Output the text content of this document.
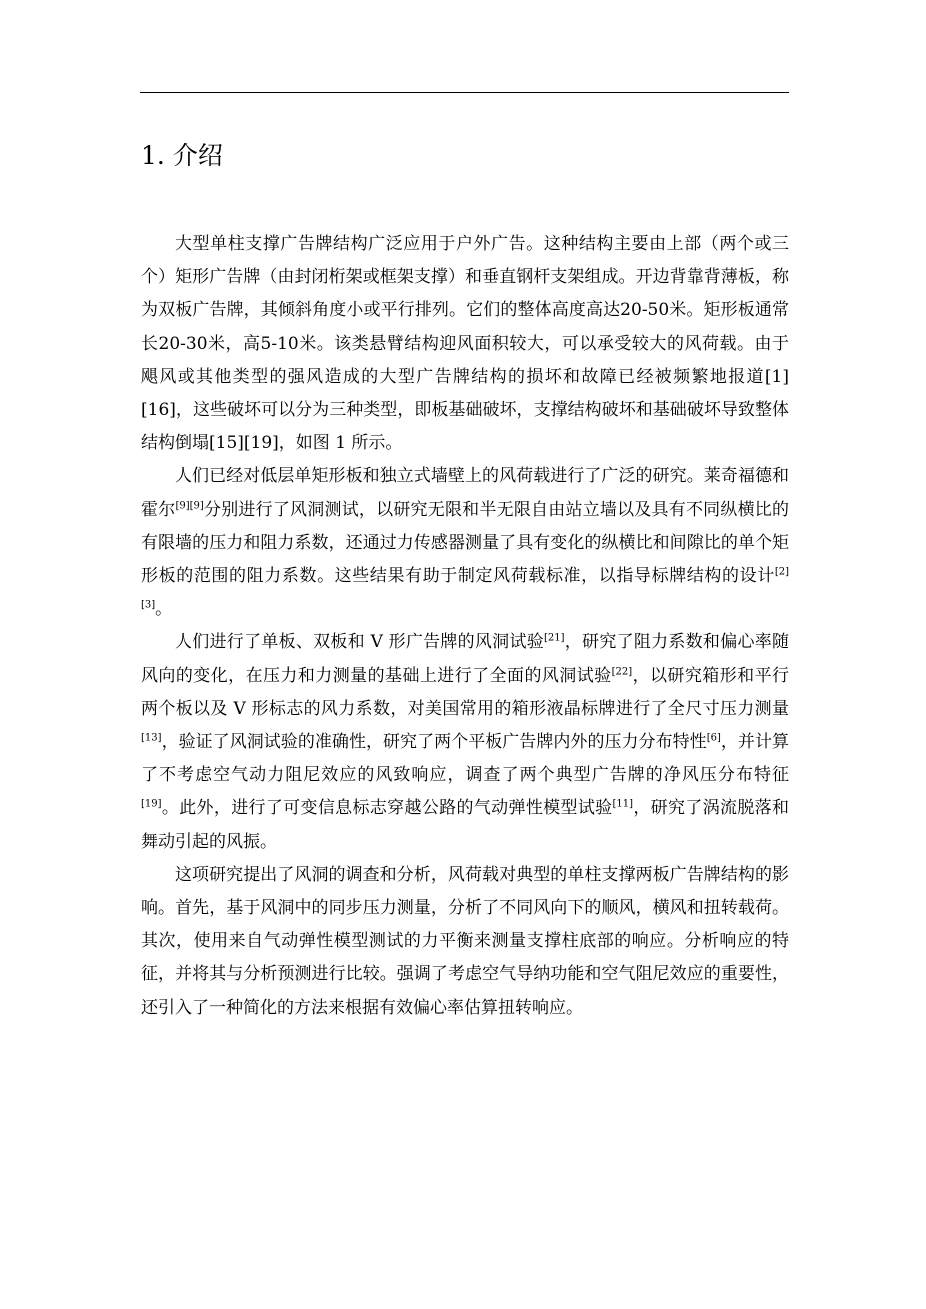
1. 介绍

大型单柱支撑广告牌结构广泛应用于户外广告。这种结构主要由上部（两个或三个）矩形广告牌（由封闭桁架或框架支撑）和垂直钢杆支架组成。开边背靠背薄板，称为双板广告牌，其倾斜角度小或平行排列。它们的整体高度高达20-50米。矩形板通常长20-30米，高5-10米。该类悬臂结构迎风面积较大，可以承受较大的风荷载。由于飓风或其他类型的强风造成的大型广告牌结构的损坏和故障已经被频繁地报道[1][16]，这些破坏可以分为三种类型，即板基础破坏，支撑结构破坏和基础破坏导致整体结构倒塌[15][19]，如图 1 所示。

人们已经对低层单矩形板和独立式墙壁上的风荷载进行了广泛的研究。莱奇福德和霍尔[9][9]分别进行了风洞测试，以研究无限和半无限自由站立墙以及具有不同纵横比的有限墙的压力和阻力系数，还通过力传感器测量了具有变化的纵横比和间隙比的单个矩形板的范围的阻力系数。这些结果有助于制定风荷载标准，以指导标牌结构的设计[2][3]。

人们进行了单板、双板和 V 形广告牌的风洞试验[21]，研究了阻力系数和偏心率随风向的变化，在压力和力测量的基础上进行了全面的风洞试验[22]，以研究箱形和平行两个板以及 V 形标志的风力系数，对美国常用的箱形液晶标牌进行了全尺寸压力测量[13]，验证了风洞试验的准确性，研究了两个平板广告牌内外的压力分布特性[6]，并计算了不考虑空气动力阻尼效应的风致响应，调查了两个典型广告牌的净风压分布特征[19]。此外，进行了可变信息标志穿越公路的气动弹性模型试验[11]，研究了涡流脱落和舞动引起的风振。

这项研究提出了风洞的调查和分析，风荷载对典型的单柱支撑两板广告牌结构的影响。首先，基于风洞中的同步压力测量，分析了不同风向下的顺风，横风和扭转载荷。其次，使用来自气动弹性模型测试的力平衡来测量支撑柱底部的响应。分析响应的特征，并将其与分析预测进行比较。强调了考虑空气导纳功能和空气阻尼效应的重要性，还引入了一种简化的方法来根据有效偏心率估算扭转响应。
